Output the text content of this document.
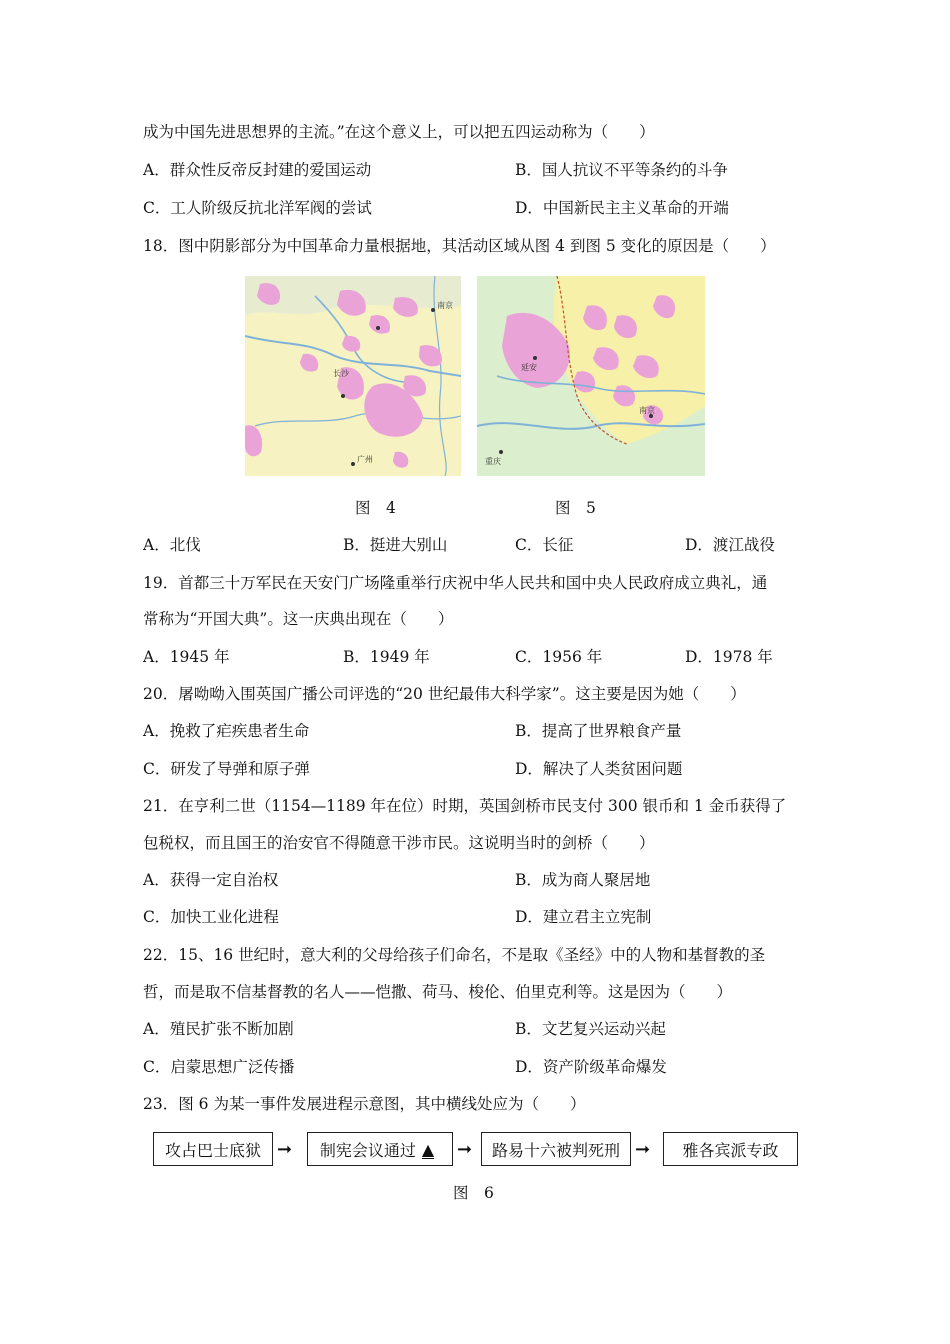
成为中国先进思想界的主流。”在这个意义上，可以把五四运动称为（　　）
A．群众性反帝反封建的爱国运动	B．国人抗议不平等条约的斗争
C．工人阶级反抗北洋军阀的尝试	D．中国新民主主义革命的开端
18．图中阴影部分为中国革命力量根据地，其活动区域从图 4 到图 5 变化的原因是（　　）
南京
长沙
广州
延安
南京
重庆
图　4	图　5
A．北伐	B．挺进大别山	C．长征	D．渡江战役
19．首都三十万军民在天安门广场隆重举行庆祝中华人民共和国中央人民政府成立典礼，通
常称为“开国大典”。这一庆典出现在（　　）
A．1945 年	B．1949 年	C．1956 年	D．1978 年
20．屠呦呦入围英国广播公司评选的“20 世纪最伟大科学家”。这主要是因为她（　　）
A．挽救了疟疾患者生命	B．提高了世界粮食产量
C．研发了导弹和原子弹	D．解决了人类贫困问题
21．在亨利二世（1154—1189 年在位）时期，英国剑桥市民支付 300 银币和 1 金币获得了
包税权，而且国王的治安官不得随意干涉市民。这说明当时的剑桥（　　）
A．获得一定自治权	B．成为商人聚居地
C．加快工业化进程	D．建立君主立宪制
22．15、16 世纪时，意大利的父母给孩子们命名，不是取《圣经》中的人物和基督教的圣
哲，而是取不信基督教的名人——恺撒、荷马、梭伦、伯里克利等。这是因为（　　）
A．殖民扩张不断加剧	B．文艺复兴运动兴起
C．启蒙思想广泛传播	D．资产阶级革命爆发
23．图 6 为某一事件发展进程示意图，其中横线处应为（　　）
攻占巴士底狱 ➞ 制宪会议通过 ▲	➞ 路易十六被判死刑 ➞ 雅各宾派专政
图　6
